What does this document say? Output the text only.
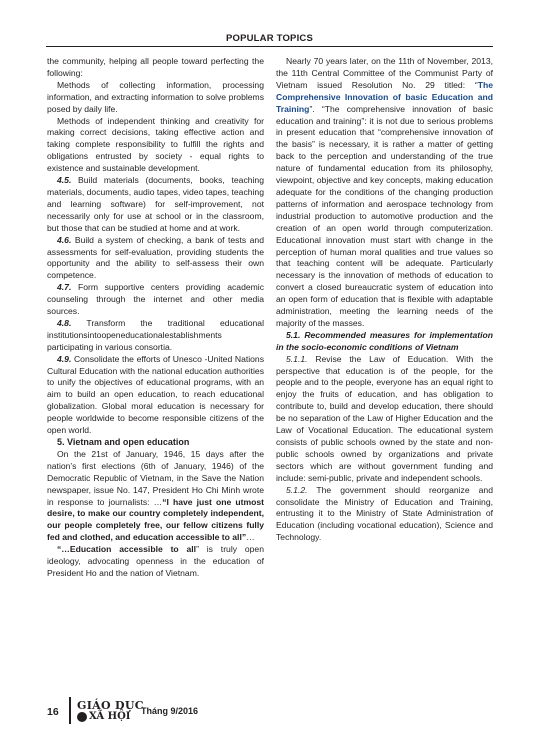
POPULAR TOPICS

the community, helping all people toward perfecting the following:

Methods of collecting information, processing information, and extracting information to solve problems posed by daily life.

Methods of independent thinking and creativity for making correct decisions, taking effective action and taking complete responsibility to fulfill the rights and obligations entrusted by society - equal rights to existence and sustainable development.

4.5. Build materials (documents, books, teaching materials, documents, audio tapes, video tapes, teaching and learning software) for self-improvement, not necessarily only for use at school or in the classroom, but those that can be studied at home and at work.

4.6. Build a system of checking, a bank of tests and assessments for self-evaluation, providing students the opportunity and the ability to self-assess their own competence.

4.7. Form supportive centers providing academic counseling through the internet and other media sources.

4.8. Transform the traditional educational institutionsintoopeneducationalestablishments participating in various consortia.

4.9. Consolidate the efforts of Unesco -United Nations Cultural Education with the national education authorities to unify the objectives of educational programs, with an aim to build an open education, to reach educational globalization. Global moral education is necessary for people worldwide to become responsible citizens of the open world.

5. Vietnam and open education

On the 21st of January, 1946, 15 days after the nation’s first elections (6th of January, 1946) of the Democratic Republic of Vietnam, in the Save the Nation newspaper, issue No. 147, President Ho Chi Minh wrote in response to journalists: …“I have just one utmost desire, to make our country completely independent, our people completely free, our fellow citizens fully fed and clothed, and education accessible to all”…

“…Education accessible to all” is truly open ideology, advocating openness in the education of President Ho and the nation of Vietnam.

Nearly 70 years later, on the 11th of November, 2013, the 11th Central Committee of the Communist Party of Vietnam issued Resolution No. 29 titled: “The Comprehensive Innovation of basic Education and Training”. “The comprehensive innovation of basic education and training”: it is not due to serious problems in present education that “comprehensive innovation of the basis” is necessary, it is rather a matter of getting back to the perception and understanding of the true nature of fundamental education from its philosophy, viewpoint, objective and key concepts, making education adequate for the conditions of the changing production patterns of information and aerospace technology from industrial production to automotive production and the creation of an open world through computerization. Educational innovation must start with change in the perception of human moral qualities and true values so that teaching content will be adequate. Particularly necessary is the innovation of methods of education to convert a closed bureaucratic system of education into an open form of education that is flexible with adaptable administration, meeting the learning needs of the majority of the masses.

5.1. Recommended measures for implementation in the socio-economic conditions of Vietnam

5.1.1. Revise the Law of Education. With the perspective that education is of the people, for the people and to the people, everyone has an equal right to enjoy the fruits of education, and has obligation to contribute to, build and develop education, there should be no separation of the Law of Higher Education and the Law of Vocational Education. The educational system consists of public schools owned by the state and non-public schools owned by organizations and private sectors which are without government funding and include: semi-public, private and independent schools.

5.1.2. The government should reorganize and consolidate the Ministry of Education and Training, entrusting it to the Ministry of State Administration of Education (including vocational education), Science and Technology.

16 GIÁO DỤC
XÃ HỘI Tháng 9/2016
